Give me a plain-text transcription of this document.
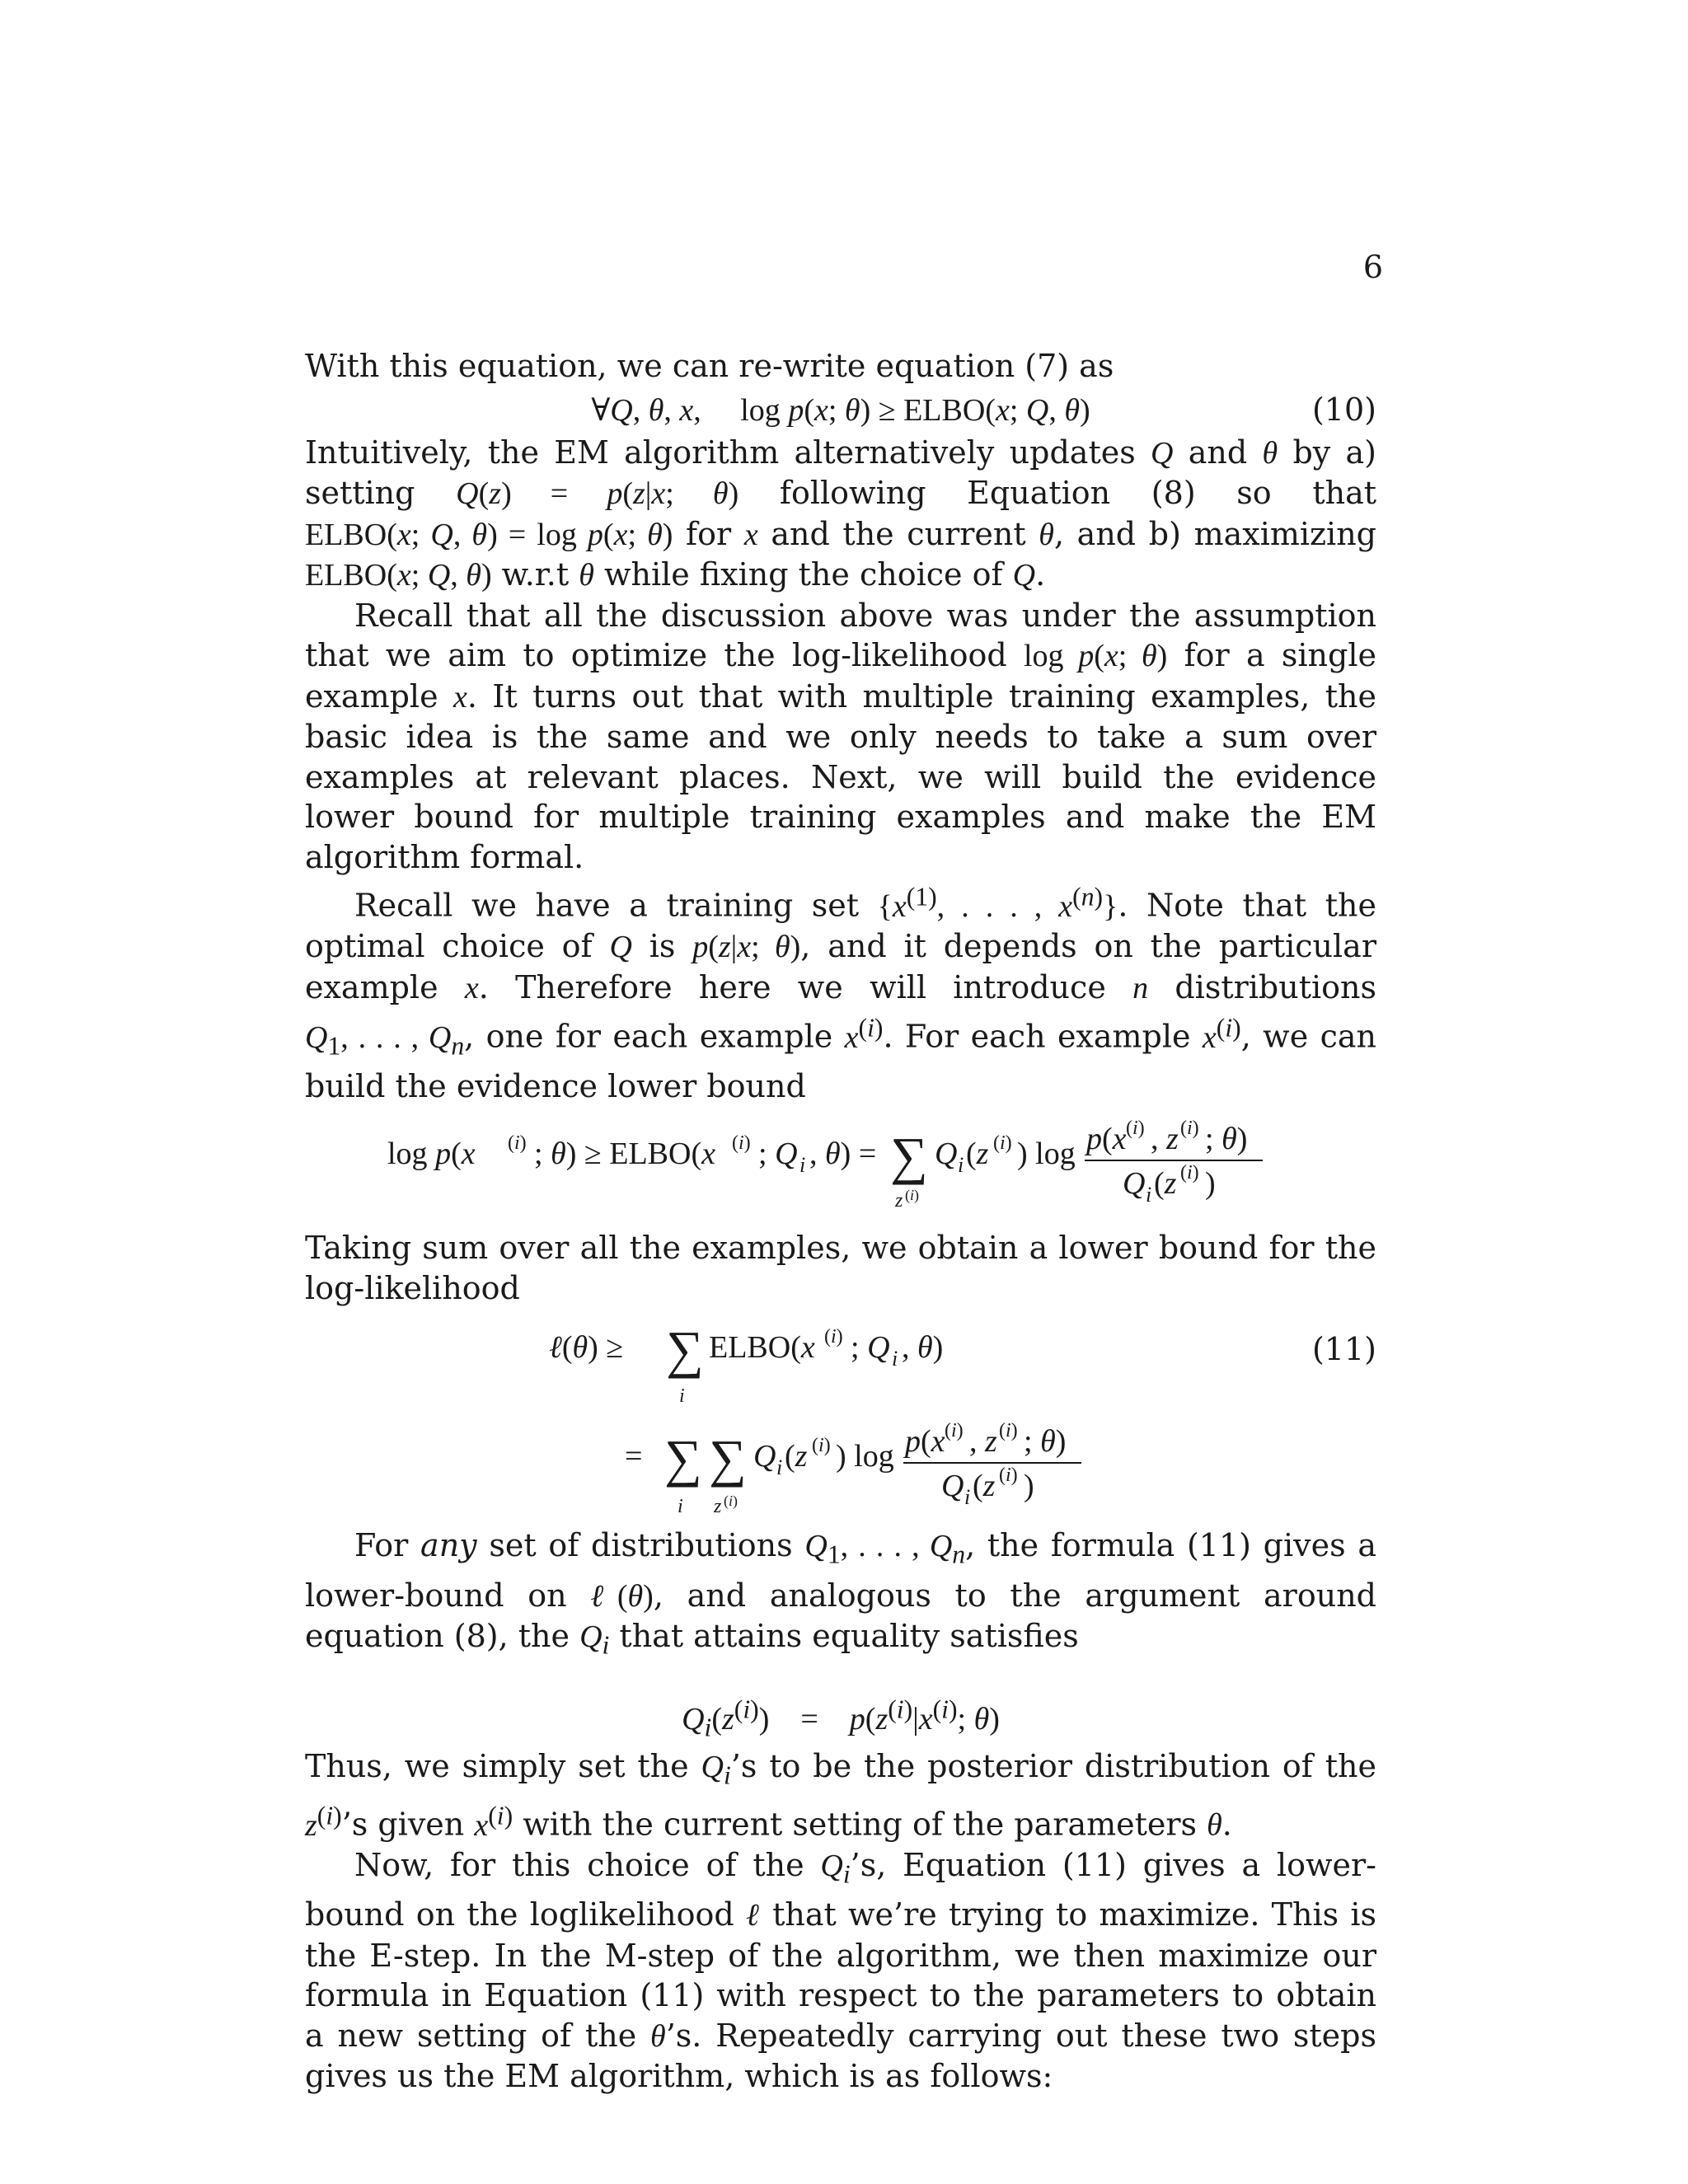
6

With this equation, we can re-write equation (7) as

∀Q, θ, x,     log p(x; θ) ≥ ELBO(x; Q, θ)	(10)

Intuitively, the EM algorithm alternatively updates Q and θ by a) setting Q(z) = p(z|x; θ) following Equation (8) so that ELBO(x; Q, θ) = log p(x; θ) for x and the current θ, and b) maximizing ELBO(x; Q, θ) w.r.t θ while fixing the choice of Q.

Recall that all the discussion above was under the assumption that we aim to optimize the log-likelihood log p(x; θ) for a single example x. It turns out that with multiple training examples, the basic idea is the same and we only needs to take a sum over examples at relevant places. Next, we will build the evidence lower bound for multiple training examples and make the EM algorithm formal.

Recall we have a training set {$x^{(1)}$, . . . , $x^{(n)}$}. Note that the optimal choice of Q is p(z|x; θ), and it depends on the particular example x. Therefore here we will introduce n distributions $Q_1$, . . . , $Q_n$, one for each example $x^{(i)}$. For each example $x^{(i)}$, we can build the evidence lower bound

log p(x (i) ; θ) ≥ ELBO(x (i) ; Q i , θ) = ∑
z (i)
Q i (z (i) ) log p(x (i) , z (i) ; θ)
Q i (z (i) )

Taking sum over all the examples, we obtain a lower bound for the log-likelihood

ℓ(θ) ≥ ∑
i
ELBO(x (i) ; Q i , θ)
= ∑
i
∑
z (i)
Q i (z (i) ) log p(x (i) , z (i) ; θ)
Q i (z (i) )
(11)

For any set of distributions $Q_1$, . . . , $Q_n$, the formula (11) gives a lower-bound on ℓ(θ), and analogous to the argument around equation (8), the $Q_i$ that attains equality satisfies

$Q_i(z^{(i)})$    =    $p(z^{(i)}|x^{(i)}$; θ)

Thus, we simply set the $Q_i’s$ to be the posterior distribution of the $z^{(i)}’s$ given $x^{(i)}$ with the current setting of the parameters θ.

Now, for this choice of the $Q_i’s$, Equation (11) gives a lower-bound on the loglikelihood ℓ that we’re trying to maximize. This is the E-step. In the M-step of the algorithm, we then maximize our formula in Equation (11) with respect to the parameters to obtain a new setting of the θ’s. Repeatedly carrying out these two steps gives us the EM algorithm, which is as follows:
